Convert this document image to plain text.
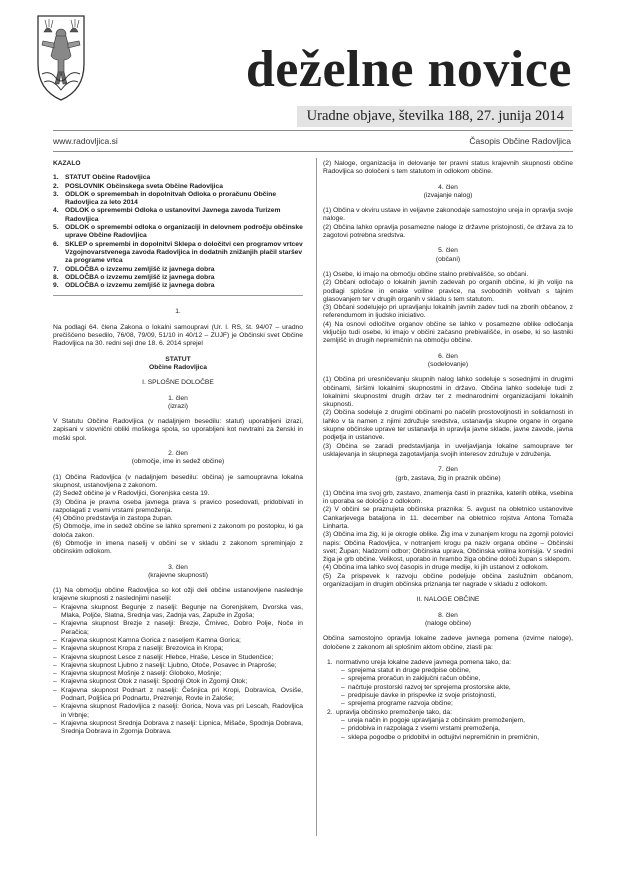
deželne novice
Uradne objave, številka 188, 27. junija 2014
www.radovljica.si	Časopis Občine Radovljica
KAZALO
1. STATUT Občine Radovljica
2. POSLOVNIK Občinskega sveta Občine Radovljica
3. ODLOK o spremembah in dopolnitvah Odloka o proračunu Občine Radovljica za leto 2014
4. ODLOK o spremembi Odloka o ustanovitvi Javnega zavoda Turizem Radovljica
5. ODLOK o spremembi odloka o organizaciji in delovnem področju občinske uprave Občine Radovljica
6. SKLEP o spremembi in dopolnitvi Sklepa o določitvi cen programov vrtcev Vzgojnovarstvenega zavoda Radovljica in dodatnih znižanjih plačil staršev za programe vrtca
7. ODLOČBA o izvzemu zemljišč iz javnega dobra
8. ODLOČBA o izvzemu zemljišč iz javnega dobra
9. ODLOČBA o izvzemu zemljišč iz javnega dobra
1.
Na podlagi 64. člena Zakona o lokalni samoupravi (Ur. l. RS, št. 94/07 – uradno prečiščeno besedilo, 76/08, 79/09, 51/10 in 40/12 – ZUJF) je Občinski svet Občine Radovljica na 30. redni seji dne 18. 6. 2014 sprejel
STATUT
Občine Radovljica
I. SPLOŠNE DOLOČBE
1. člen
(izrazi)
V Statutu Občine Radovljica (v nadaljnjem besedilu: statut) uporabljeni izrazi, zapisani v slovnični obliki moškega spola, so uporabljeni kot nevtralni za ženski in moški spol.
2. člen
(območje, ime in sedež občine)
(1) Občina Radovljica (v nadaljnjem besedilu: občina) je samoupravna lokalna skupnost, ustanovljena z zakonom.
(2) Sedež občine je v Radovljici, Gorenjska cesta 19.
(3) Občina je pravna oseba javnega prava s pravico posedovati, pridobivati in razpolagati z vsemi vrstami premoženja.
(4) Občino predstavlja in zastopa župan.
(5) Območje, ime in sedež občine se lahko spremeni z zakonom po postopku, ki ga določa zakon.
(6) Območje in imena naselij v občini se v skladu z zakonom spreminjajo z občinskim odlokom.
3. člen
(krajevne skupnosti)
(1) Na območju občine Radovljica so kot ožji deli občine ustanovljene naslednje krajevne skupnosti z naslednjimi naselji:
– Krajevna skupnost Begunje z naselji: Begunje na Gorenjskem, Dvorska vas, Mlaka, Poljče, Slatna, Srednja vas, Zadnja vas, Zapuže in Zgoša;
– Krajevna skupnost Brezje z naselji: Brezje, Črnivec, Dobro Polje, Noče in Peračica;
– Krajevna skupnost Kamna Gorica z naseljem Kamna Gorica;
– Krajevna skupnost Kropa z naselji: Brezovica in Kropa;
– Krajevna skupnost Lesce z naselji: Hlebce, Hraše, Lesce in Studenčice;
– Krajevna skupnost Ljubno z naselji: Ljubno, Otoče, Posavec in Praproše;
– Krajevna skupnost Mošnje z naselji: Globoko, Mošnje;
– Krajevna skupnost Otok z naselji: Spodnji Otok in Zgornji Otok;
– Krajevna skupnost Podnart z naselji: Češnjica pri Kropi, Dobravica, Ovsiše, Podnart, Poljšica pri Podnartu, Prezrenje, Rovte in Zaloše;
– Krajevna skupnost Radovljica z naselji: Gorica, Nova vas pri Lescah, Radovljica in Vrbnje;
– Krajevna skupnost Srednja Dobrava z naselji: Lipnica, Mišače, Spodnja Dobrava, Srednja Dobrava in Zgornja Dobrava.
(2) Naloge, organizacija in delovanje ter pravni status krajevnih skupnosti občine Radovljica so določeni s tem statutom in odlokom občine.
4. člen
(izvajanje nalog)
(1) Občina v okviru ustave in veljavne zakonodaje samostojno ureja in opravlja svoje naloge.
(2) Občina lahko opravlja posamezne naloge iz državne pristojnosti, če država za to zagotovi potrebna sredstva.
5. člen
(občani)
(1) Osebe, ki imajo na območju občine stalno prebivališče, so občani.
(2) Občani odločajo o lokalnih javnih zadevah po organih občine, ki jih volijo na podlagi splošne in enake volilne pravice, na svobodnih volitvah s tajnim glasovanjem ter v drugih organih v skladu s tem statutom.
(3) Občani sodelujejo pri upravljanju lokalnih javnih zadev tudi na zborih občanov, z referendumom in ljudsko iniciativo.
(4) Na osnovi odločitve organov občine se lahko v posamezne oblike odločanja vključijo tudi osebe, ki imajo v občini začasno prebivališče, in osebe, ki so lastniki zemljišč in drugih nepremičnin na območju občine.
6. člen
(sodelovanje)
(1) Občina pri uresničevanju skupnih nalog lahko sodeluje s sosednjimi in drugimi občinami, širšimi lokalnimi skupnostmi in državo. Občina lahko sodeluje tudi z lokalnimi skupnostmi drugih držav ter z mednarodnimi organizacijami lokalnih skupnosti.
(2) Občina sodeluje z drugimi občinami po načelih prostovoljnosti in solidarnosti in lahko v ta namen z njimi združuje sredstva, ustanavlja skupne organe in organe skupne občinske uprave ter ustanavlja in upravlja javne sklade, javne zavode, javna podjetja in ustanove.
(3) Občina se zaradi predstavljanja in uveljavljanja lokalne samouprave ter usklajevanja in skupnega zagotavljanja svojih interesov združuje v združenja.
7. člen
(grb, zastava, žig in praznik občine)
(1) Občina ima svoj grb, zastavo, znamenja časti in praznika, katerih oblika, vsebina in uporaba se določijo z odlokom.
(2) V občini se praznujeta občinska praznika: 5. avgust na obletnico ustanovitve Cankarjevega bataljona in 11. december na obletnico rojstva Antona Tomaža Linharta.
(3) Občina ima žig, ki je okrogle oblike. Žig ima v zunanjem krogu na zgornji polovici napis: Občina Radovljica, v notranjem krogu pa naziv organa občine – Občinski svet; Župan; Nadzorni odbor; Občinska uprava, Občinska volilna komisija. V sredini žiga je grb občine. Velikost, uporabo in hrambo žiga občine določi župan s sklepom.
(4) Občina ima lahko svoj časopis in druge medije, ki jih ustanovi z odlokom.
(5) Za prispevek k razvoju občine podeljuje občina zaslužnim občanom, organizacijam in drugim občinska priznanja ter nagrade v skladu z odlokom.
II. NALOGE OBČINE
8. člen
(naloge občine)
Občina samostojno opravlja lokalne zadeve javnega pomena (izvirne naloge), določene z zakonom ali splošnim aktom občine, zlasti pa:
1. normativno ureja lokalne zadeve javnega pomena tako, da:
– sprejema statut in druge predpise občine,
– sprejema proračun in zaključni račun občine,
– načrtuje prostorski razvoj ter sprejema prostorske akte,
– predpisuje davke in prispevke iz svoje pristojnosti,
– sprejema programe razvoja občine;
2. upravlja občinsko premoženje tako, da:
– ureja način in pogoje upravljanja z občinskim premoženjem,
– pridobiva in razpolaga z vsemi vrstami premoženja,
– sklepa pogodbe o pridobitvi in odtujitvi nepremičnin in premičnin,
